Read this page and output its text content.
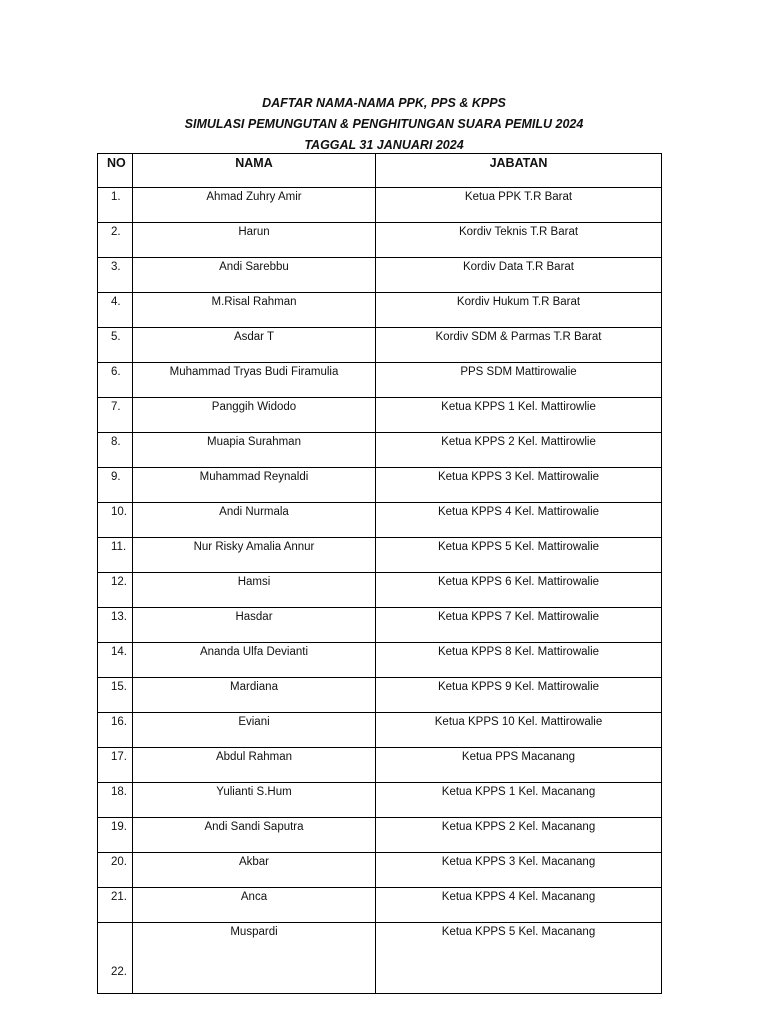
DAFTAR NAMA-NAMA PPK, PPS & KPPS
SIMULASI PEMUNGUTAN & PENGHITUNGAN SUARA PEMILU 2024
TAGGAL 31 JANUARI 2024
NO	NAMA	JABATAN
1.	Ahmad Zuhry Amir	Ketua PPK T.R Barat
2.	Harun	Kordiv Teknis T.R Barat
3.	Andi Sarebbu	Kordiv Data T.R Barat
4.	M.Risal Rahman	Kordiv Hukum T.R Barat
5.	Asdar T	Kordiv SDM & Parmas T.R Barat
6.	Muhammad Tryas Budi Firamulia	PPS SDM Mattirowalie
7.	Panggih Widodo	Ketua KPPS 1 Kel. Mattirowlie
8.	Muapia Surahman	Ketua KPPS 2 Kel. Mattirowlie
9.	Muhammad Reynaldi	Ketua KPPS 3 Kel. Mattirowalie
10.	Andi Nurmala	Ketua KPPS 4 Kel. Mattirowalie
11.	Nur Risky Amalia Annur	Ketua KPPS 5 Kel. Mattirowalie
12.	Hamsi	Ketua KPPS 6 Kel. Mattirowalie
13.	Hasdar	Ketua KPPS 7 Kel. Mattirowalie
14.	Ananda Ulfa Devianti	Ketua KPPS 8 Kel. Mattirowalie
15.	Mardiana	Ketua KPPS 9 Kel. Mattirowalie
16.	Eviani	Ketua KPPS 10 Kel. Mattirowalie
17.	Abdul Rahman	Ketua PPS Macanang
18.	Yulianti S.Hum	Ketua KPPS 1 Kel. Macanang
19.	Andi Sandi Saputra	Ketua KPPS 2 Kel. Macanang
20.	Akbar	Ketua KPPS 3 Kel. Macanang
21.	Anca	Ketua KPPS 4 Kel. Macanang
22.	Muspardi	Ketua KPPS 5 Kel. Macanang
